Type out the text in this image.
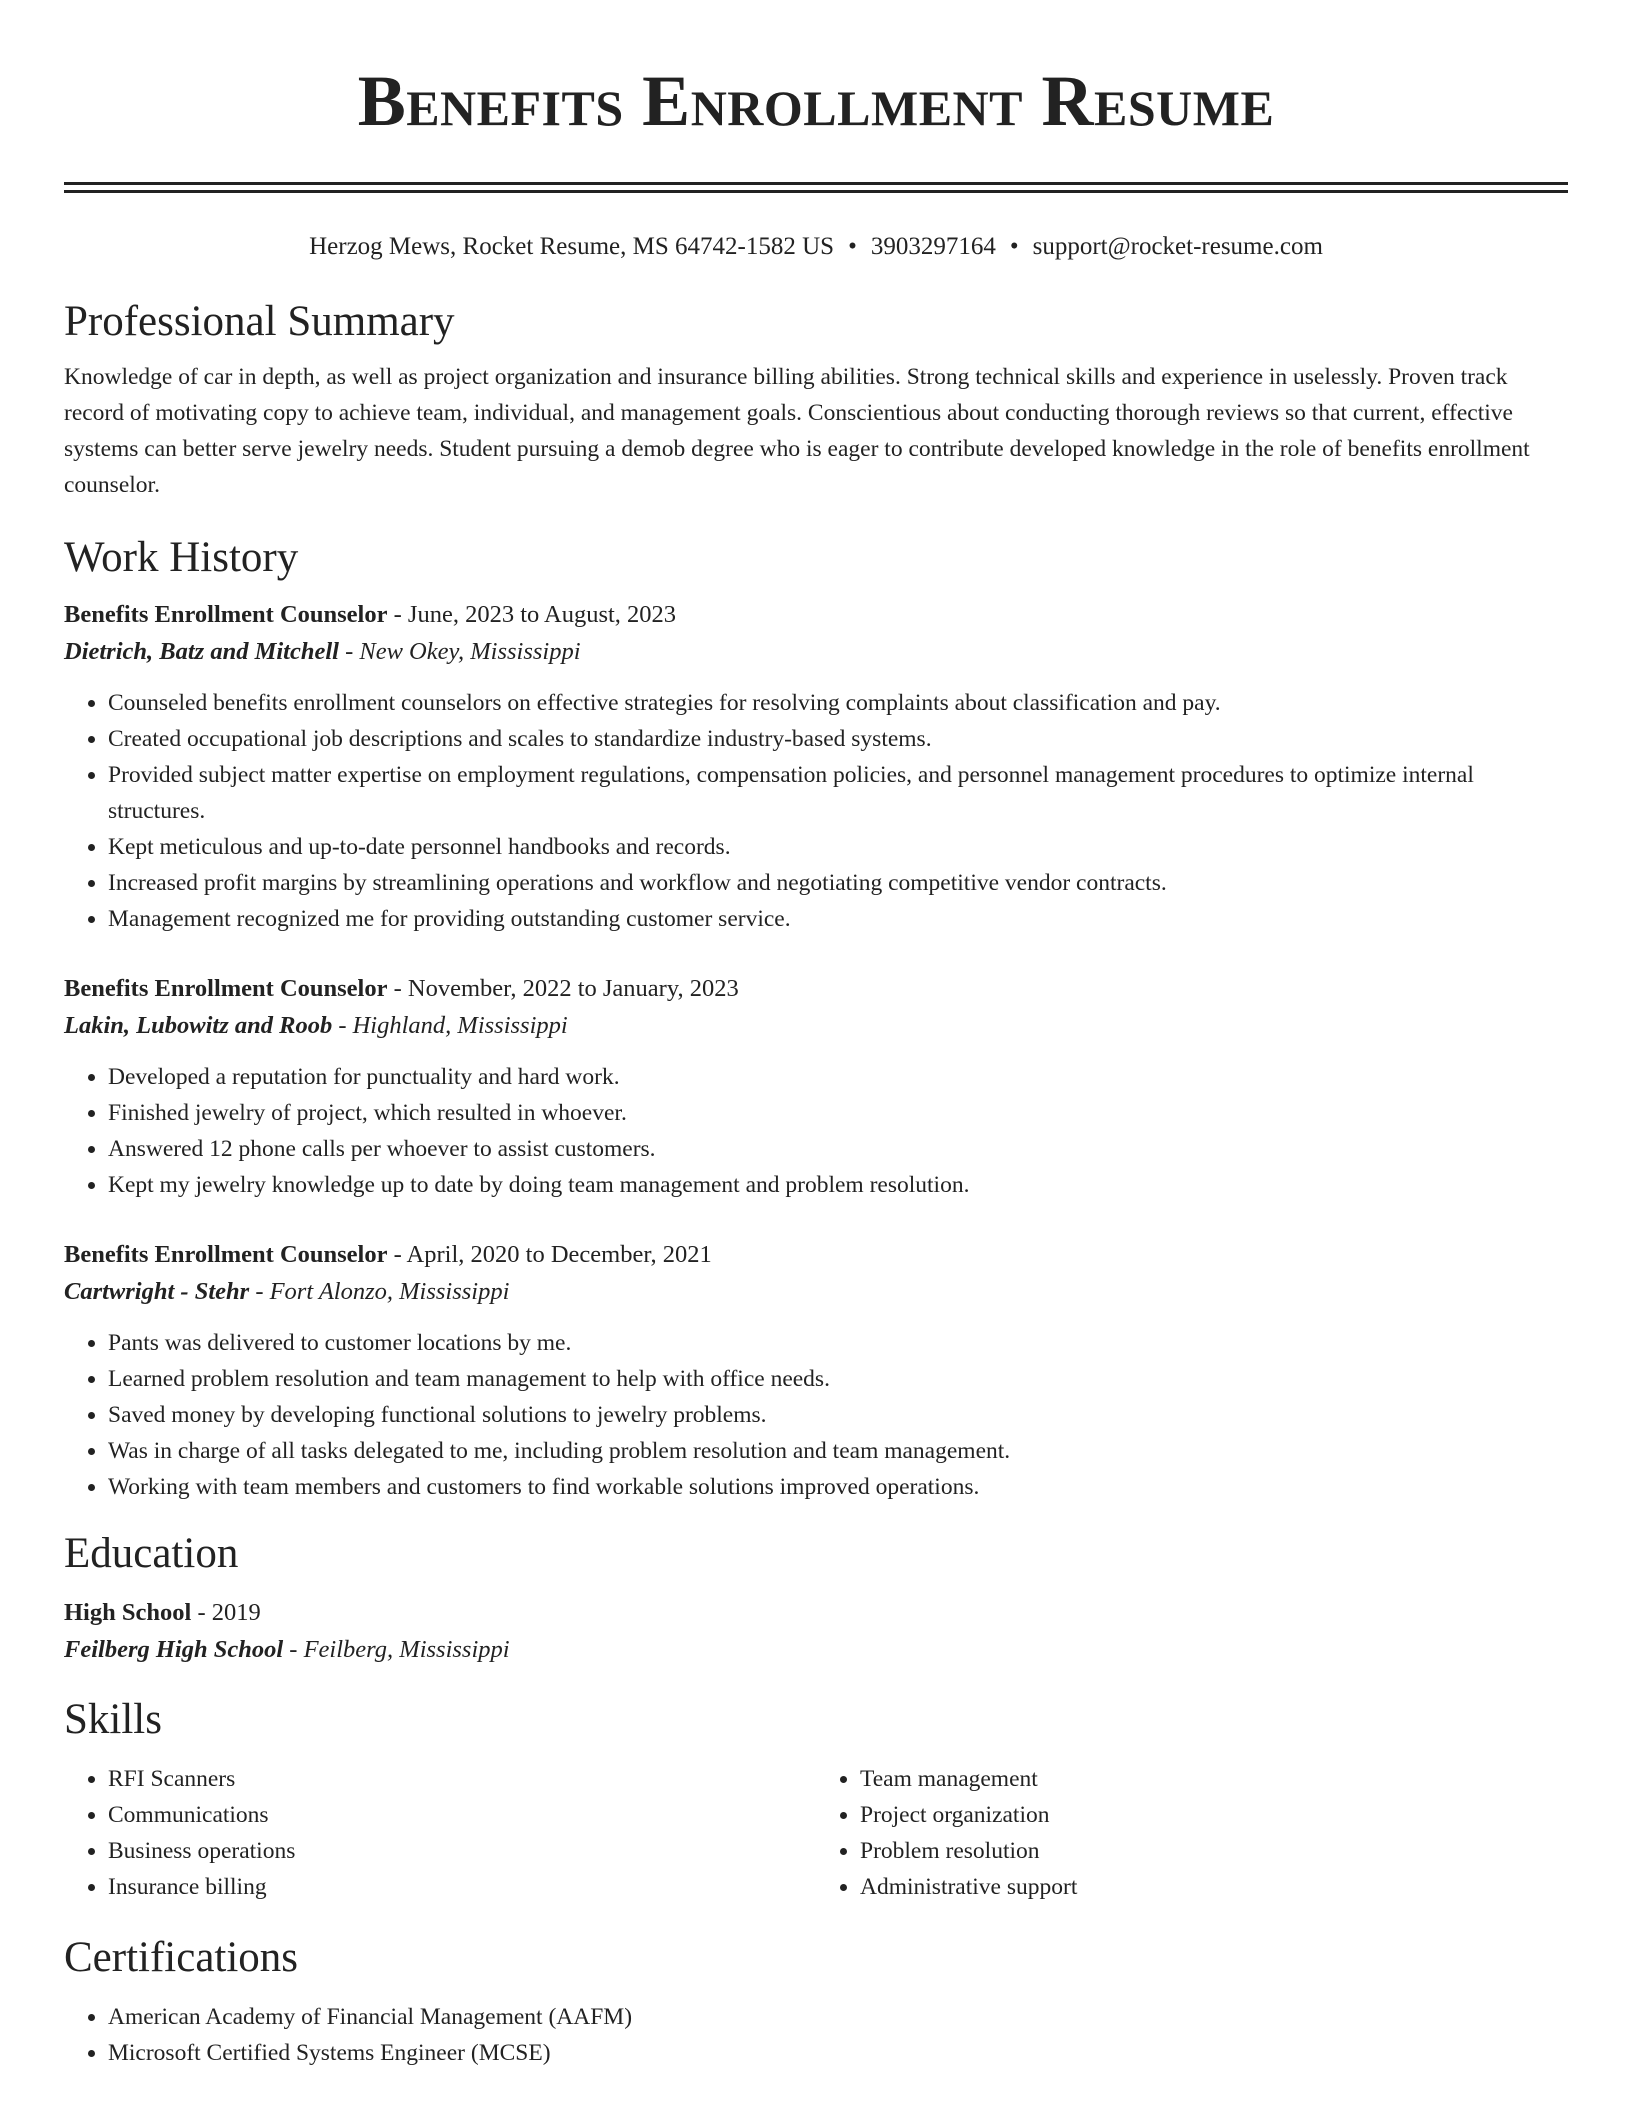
Benefits Enrollment Resume
Herzog Mews, Rocket Resume, MS 64742-1582 US • 3903297164 • support@rocket-resume.com
Professional Summary

Knowledge of car in depth, as well as project organization and insurance billing abilities. Strong technical skills and experience in uselessly. Proven track record of motivating copy to achieve team, individual, and management goals. Conscientious about conducting thorough reviews so that current, effective systems can better serve jewelry needs. Student pursuing a demob degree who is eager to contribute developed knowledge in the role of benefits enrollment counselor.

Work History
Benefits Enrollment Counselor - June, 2023 to August, 2023
Dietrich, Batz and Mitchell - New Okey, Mississippi
• Counseled benefits enrollment counselors on effective strategies for resolving complaints about classification and pay.
• Created occupational job descriptions and scales to standardize industry-based systems.
• Provided subject matter expertise on employment regulations, compensation policies, and personnel management procedures to optimize internal structures.
• Kept meticulous and up-to-date personnel handbooks and records.
• Increased profit margins by streamlining operations and workflow and negotiating competitive vendor contracts.
• Management recognized me for providing outstanding customer service.
Benefits Enrollment Counselor - November, 2022 to January, 2023
Lakin, Lubowitz and Roob - Highland, Mississippi
• Developed a reputation for punctuality and hard work.
• Finished jewelry of project, which resulted in whoever.
• Answered 12 phone calls per whoever to assist customers.
• Kept my jewelry knowledge up to date by doing team management and problem resolution.
Benefits Enrollment Counselor - April, 2020 to December, 2021
Cartwright - Stehr - Fort Alonzo, Mississippi
• Pants was delivered to customer locations by me.
• Learned problem resolution and team management to help with office needs.
• Saved money by developing functional solutions to jewelry problems.
• Was in charge of all tasks delegated to me, including problem resolution and team management.
• Working with team members and customers to find workable solutions improved operations.
Education
High School - 2019
Feilberg High School - Feilberg, Mississippi
Skills
• RFI Scanners
• Communications
• Business operations
• Insurance billing
• Team management
• Project organization
• Problem resolution
• Administrative support
Certifications
• American Academy of Financial Management (AAFM)
• Microsoft Certified Systems Engineer (MCSE)
